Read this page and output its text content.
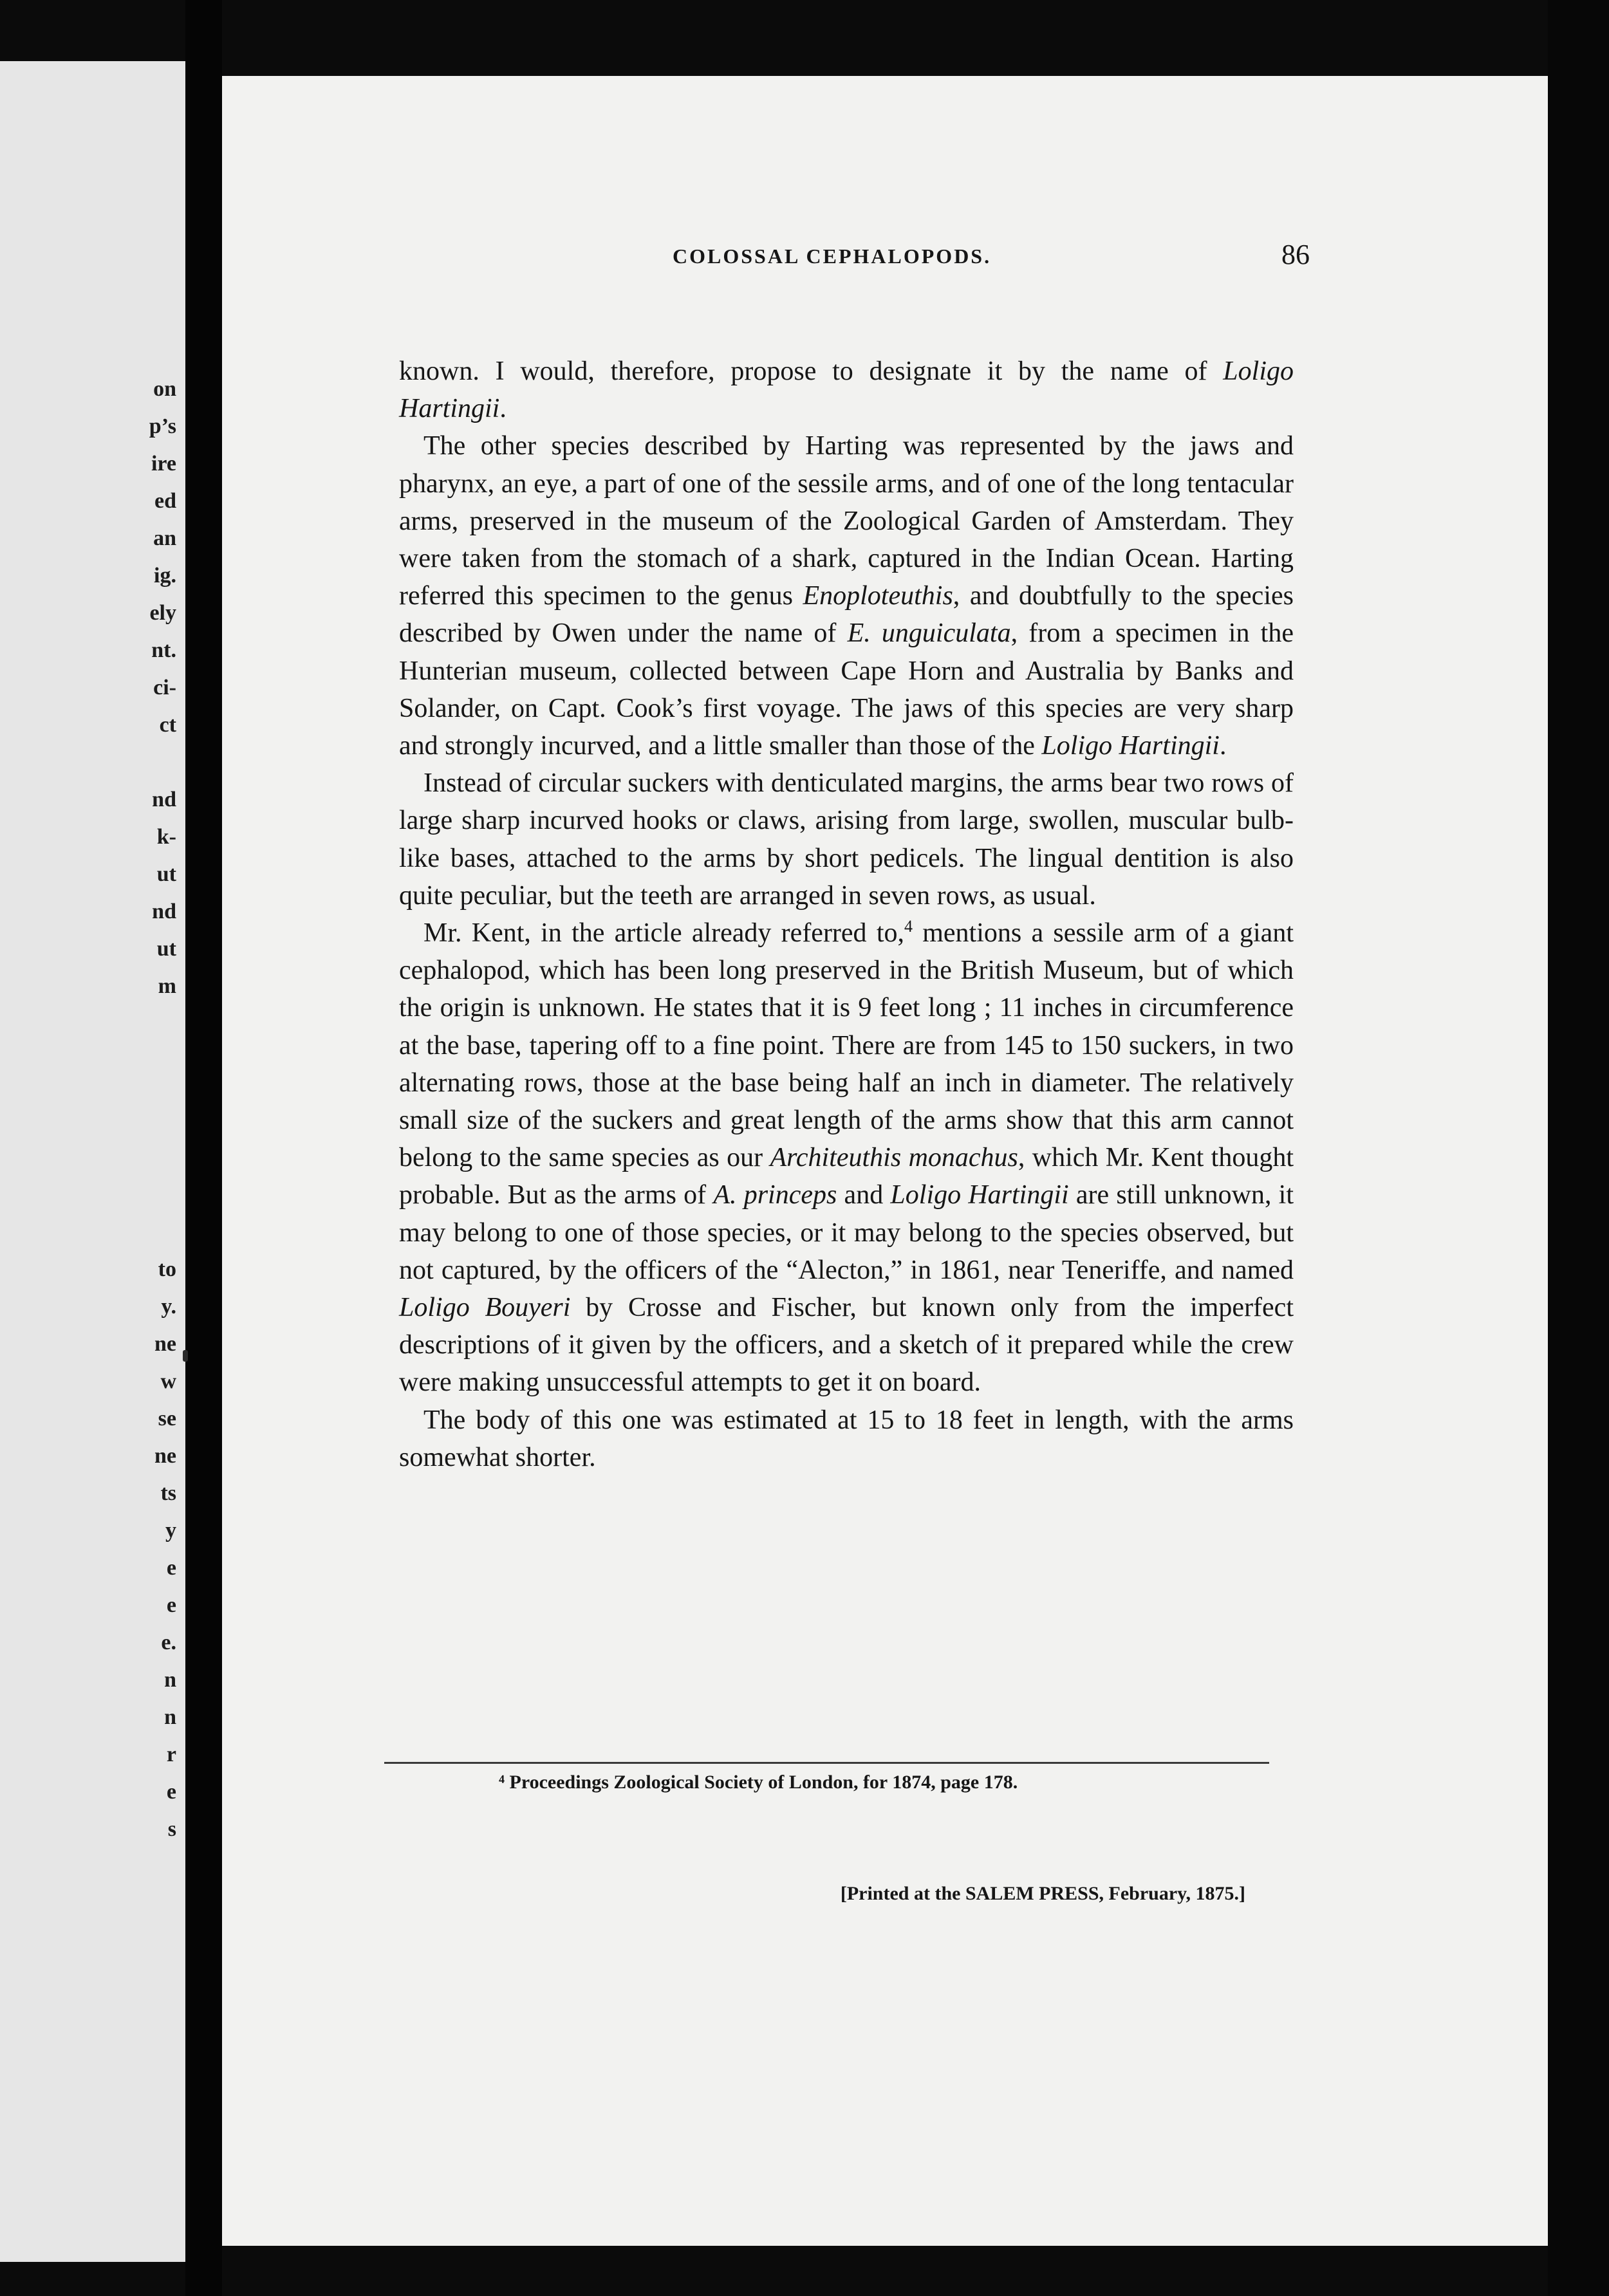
on
p’s
ire
ed
an
ig.
ely
nt.
ci-
ct
nd
k-
ut
nd
ut
m
to
y.
ne
w
se
ne
ts
y
e
e
e.
n
n
r
e
s
COLOSSAL CEPHALOPODS.	86

known. I would, therefore, propose to designate it by the name of Loligo Hartingii.

The other species described by Harting was represented by the jaws and pharynx, an eye, a part of one of the sessile arms, and of one of the long tentacular arms, preserved in the museum of the Zoological Garden of Amsterdam. They were taken from the stomach of a shark, captured in the Indian Ocean. Harting referred this specimen to the genus Enoploteuthis, and doubtfully to the species described by Owen under the name of E. unguiculata, from a specimen in the Hunterian museum, collected between Cape Horn and Australia by Banks and Solander, on Capt. Cook’s first voyage. The jaws of this species are very sharp and strongly incurved, and a little smaller than those of the Loligo Hartingii.

Instead of circular suckers with denticulated margins, the arms bear two rows of large sharp incurved hooks or claws, arising from large, swollen, muscular bulb-like bases, attached to the arms by short pedicels. The lingual dentition is also quite peculiar, but the teeth are arranged in seven rows, as usual.

Mr. Kent, in the article already referred to,$^4$ mentions a sessile arm of a giant cephalopod, which has been long preserved in the British Museum, but of which the origin is unknown. He states that it is 9 feet long ; 11 inches in circumference at the base, tapering off to a fine point. There are from 145 to 150 suckers, in two alternating rows, those at the base being half an inch in diameter. The relatively small size of the suckers and great length of the arms show that this arm cannot belong to the same species as our Architeuthis monachus, which Mr. Kent thought probable. But as the arms of A. princeps and Loligo Hartingii are still unknown, it may belong to one of those species, or it may belong to the species observed, but not captured, by the officers of the “Alecton,” in 1861, near Teneriffe, and named Loligo Bouyeri by Crosse and Fischer, but known only from the imperfect descriptions of it given by the officers, and a sketch of it prepared while the crew were making unsuccessful attempts to get it on board.

The body of this one was estimated at 15 to 18 feet in length, with the arms somewhat shorter.

⁴ Proceedings Zoological Society of London, for 1874, page 178.

[Printed at the SALEM PRESS, February, 1875.]
